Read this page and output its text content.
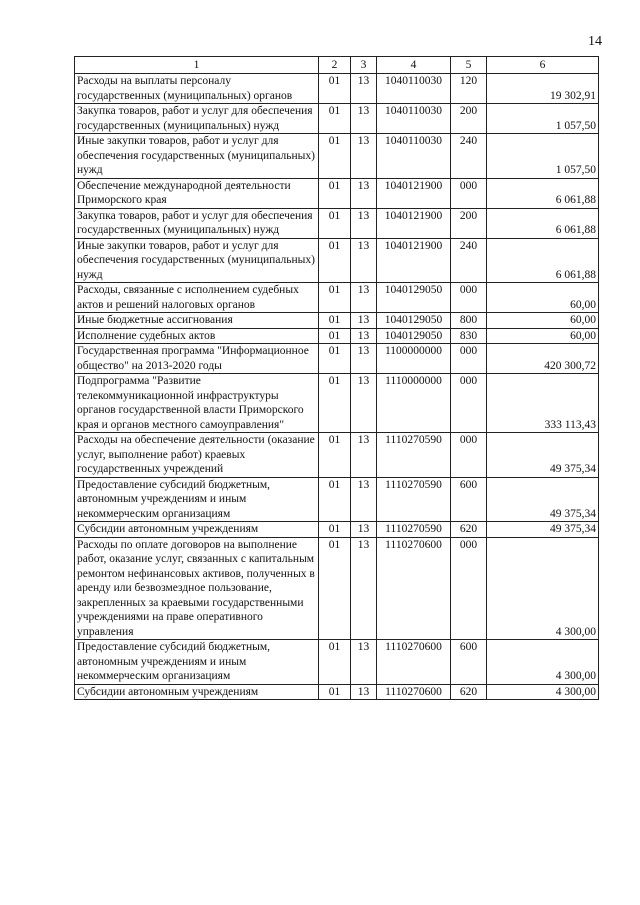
14
1	2	3	4	5	6
Расходы на выплаты персоналу государственных (муниципальных) органов	01	13	1040110030	120	19 302,91
Закупка товаров, работ и услуг для обеспечения государственных (муниципальных) нужд	01	13	1040110030	200	1 057,50
Иные закупки товаров, работ и услуг для обеспечения государственных (муниципальных) нужд	01	13	1040110030	240	1 057,50
Обеспечение международной деятельности Приморского края	01	13	1040121900	000	6 061,88
Закупка товаров, работ и услуг для обеспечения государственных (муниципальных) нужд	01	13	1040121900	200	6 061,88
Иные закупки товаров, работ и услуг для обеспечения государственных (муниципальных) нужд	01	13	1040121900	240	6 061,88
Расходы, связанные с исполнением судебных актов и решений налоговых органов	01	13	1040129050	000	60,00
Иные бюджетные ассигнования	01	13	1040129050	800	60,00
Исполнение судебных актов	01	13	1040129050	830	60,00
Государственная программа "Информационное общество" на 2013-2020 годы	01	13	1100000000	000	420 300,72
Подпрограмма "Развитие телекоммуникационной инфраструктуры органов государственной власти Приморского края и органов местного самоуправления"	01	13	1110000000	000	333 113,43
Расходы на обеспечение деятельности (оказание услуг, выполнение работ) краевых государственных учреждений	01	13	1110270590	000	49 375,34
Предоставление субсидий бюджетным, автономным учреждениям и иным некоммерческим организациям	01	13	1110270590	600	49 375,34
Субсидии автономным учреждениям	01	13	1110270590	620	49 375,34
Расходы по оплате договоров на выполнение работ, оказание услуг, связанных с капитальным ремонтом нефинансовых активов, полученных в аренду или безвозмездное пользование, закрепленных за краевыми государственными учреждениями на праве оперативного управления	01	13	1110270600	000	4 300,00
Предоставление субсидий бюджетным, автономным учреждениям и иным некоммерческим организациям	01	13	1110270600	600	4 300,00
Субсидии автономным учреждениям	01	13	1110270600	620	4 300,00
